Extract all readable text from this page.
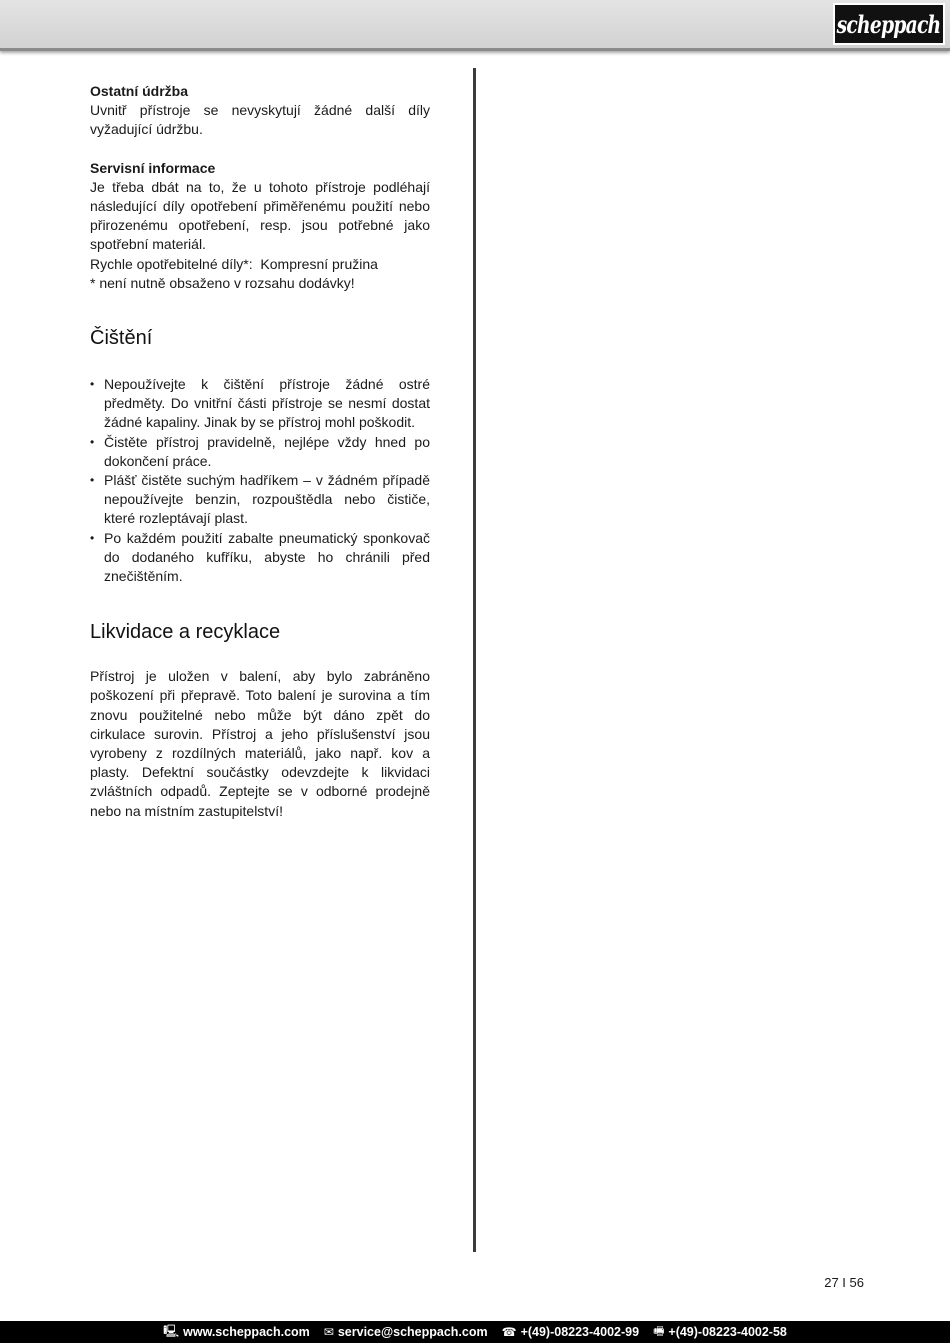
scheppach

Ostatní údržba

Uvnitř přístroje se nevyskytují žádné další díly vyžadující údržbu.

Servisní informace

Je třeba dbát na to, že u tohoto přístroje podléhají následující díly opotřebení přiměřenému použití nebo přirozenému opotřebení, resp. jsou potřebné jako spotřební materiál.

Rychle opotřebitelné díly*:  Kompresní pružina

* není nutně obsaženo v rozsahu dodávky!

Čištění
• Nepoužívejte k čištění přístroje žádné ostré předměty. Do vnitřní části přístroje se nesmí dostat žádné kapaliny. Jinak by se přístroj mohl poškodit.
• Čistěte přístroj pravidelně, nejlépe vždy hned po dokončení práce.
• Plášť čistěte suchým hadříkem – v žádném případě nepoužívejte benzin, rozpouštědla nebo čističe, které rozleptávají plast.
• Po každém použití zabalte pneumatický sponkovač do dodaného kufříku, abyste ho chránili před znečištěním.
Likvidace a recyklace

Přístroj je uložen v balení, aby bylo zabráněno poškození při přepravě. Toto balení je surovina a tím znovu použitelné nebo může být dáno zpět do cirkulace surovin. Přístroj a jeho příslušenství jsou vyrobeny z rozdílných materiálů, jako např. kov a plasty. Defektní součástky odevzdejte k likvidaci zvláštních odpadů. Zeptejte se v odborné prodejně nebo na místním zastupitelství!

27 I 56
🖳 www.scheppach.com ✉ service@scheppach.com ☎ +(49)-08223-4002-99 🖷 +(49)-08223-4002-58
